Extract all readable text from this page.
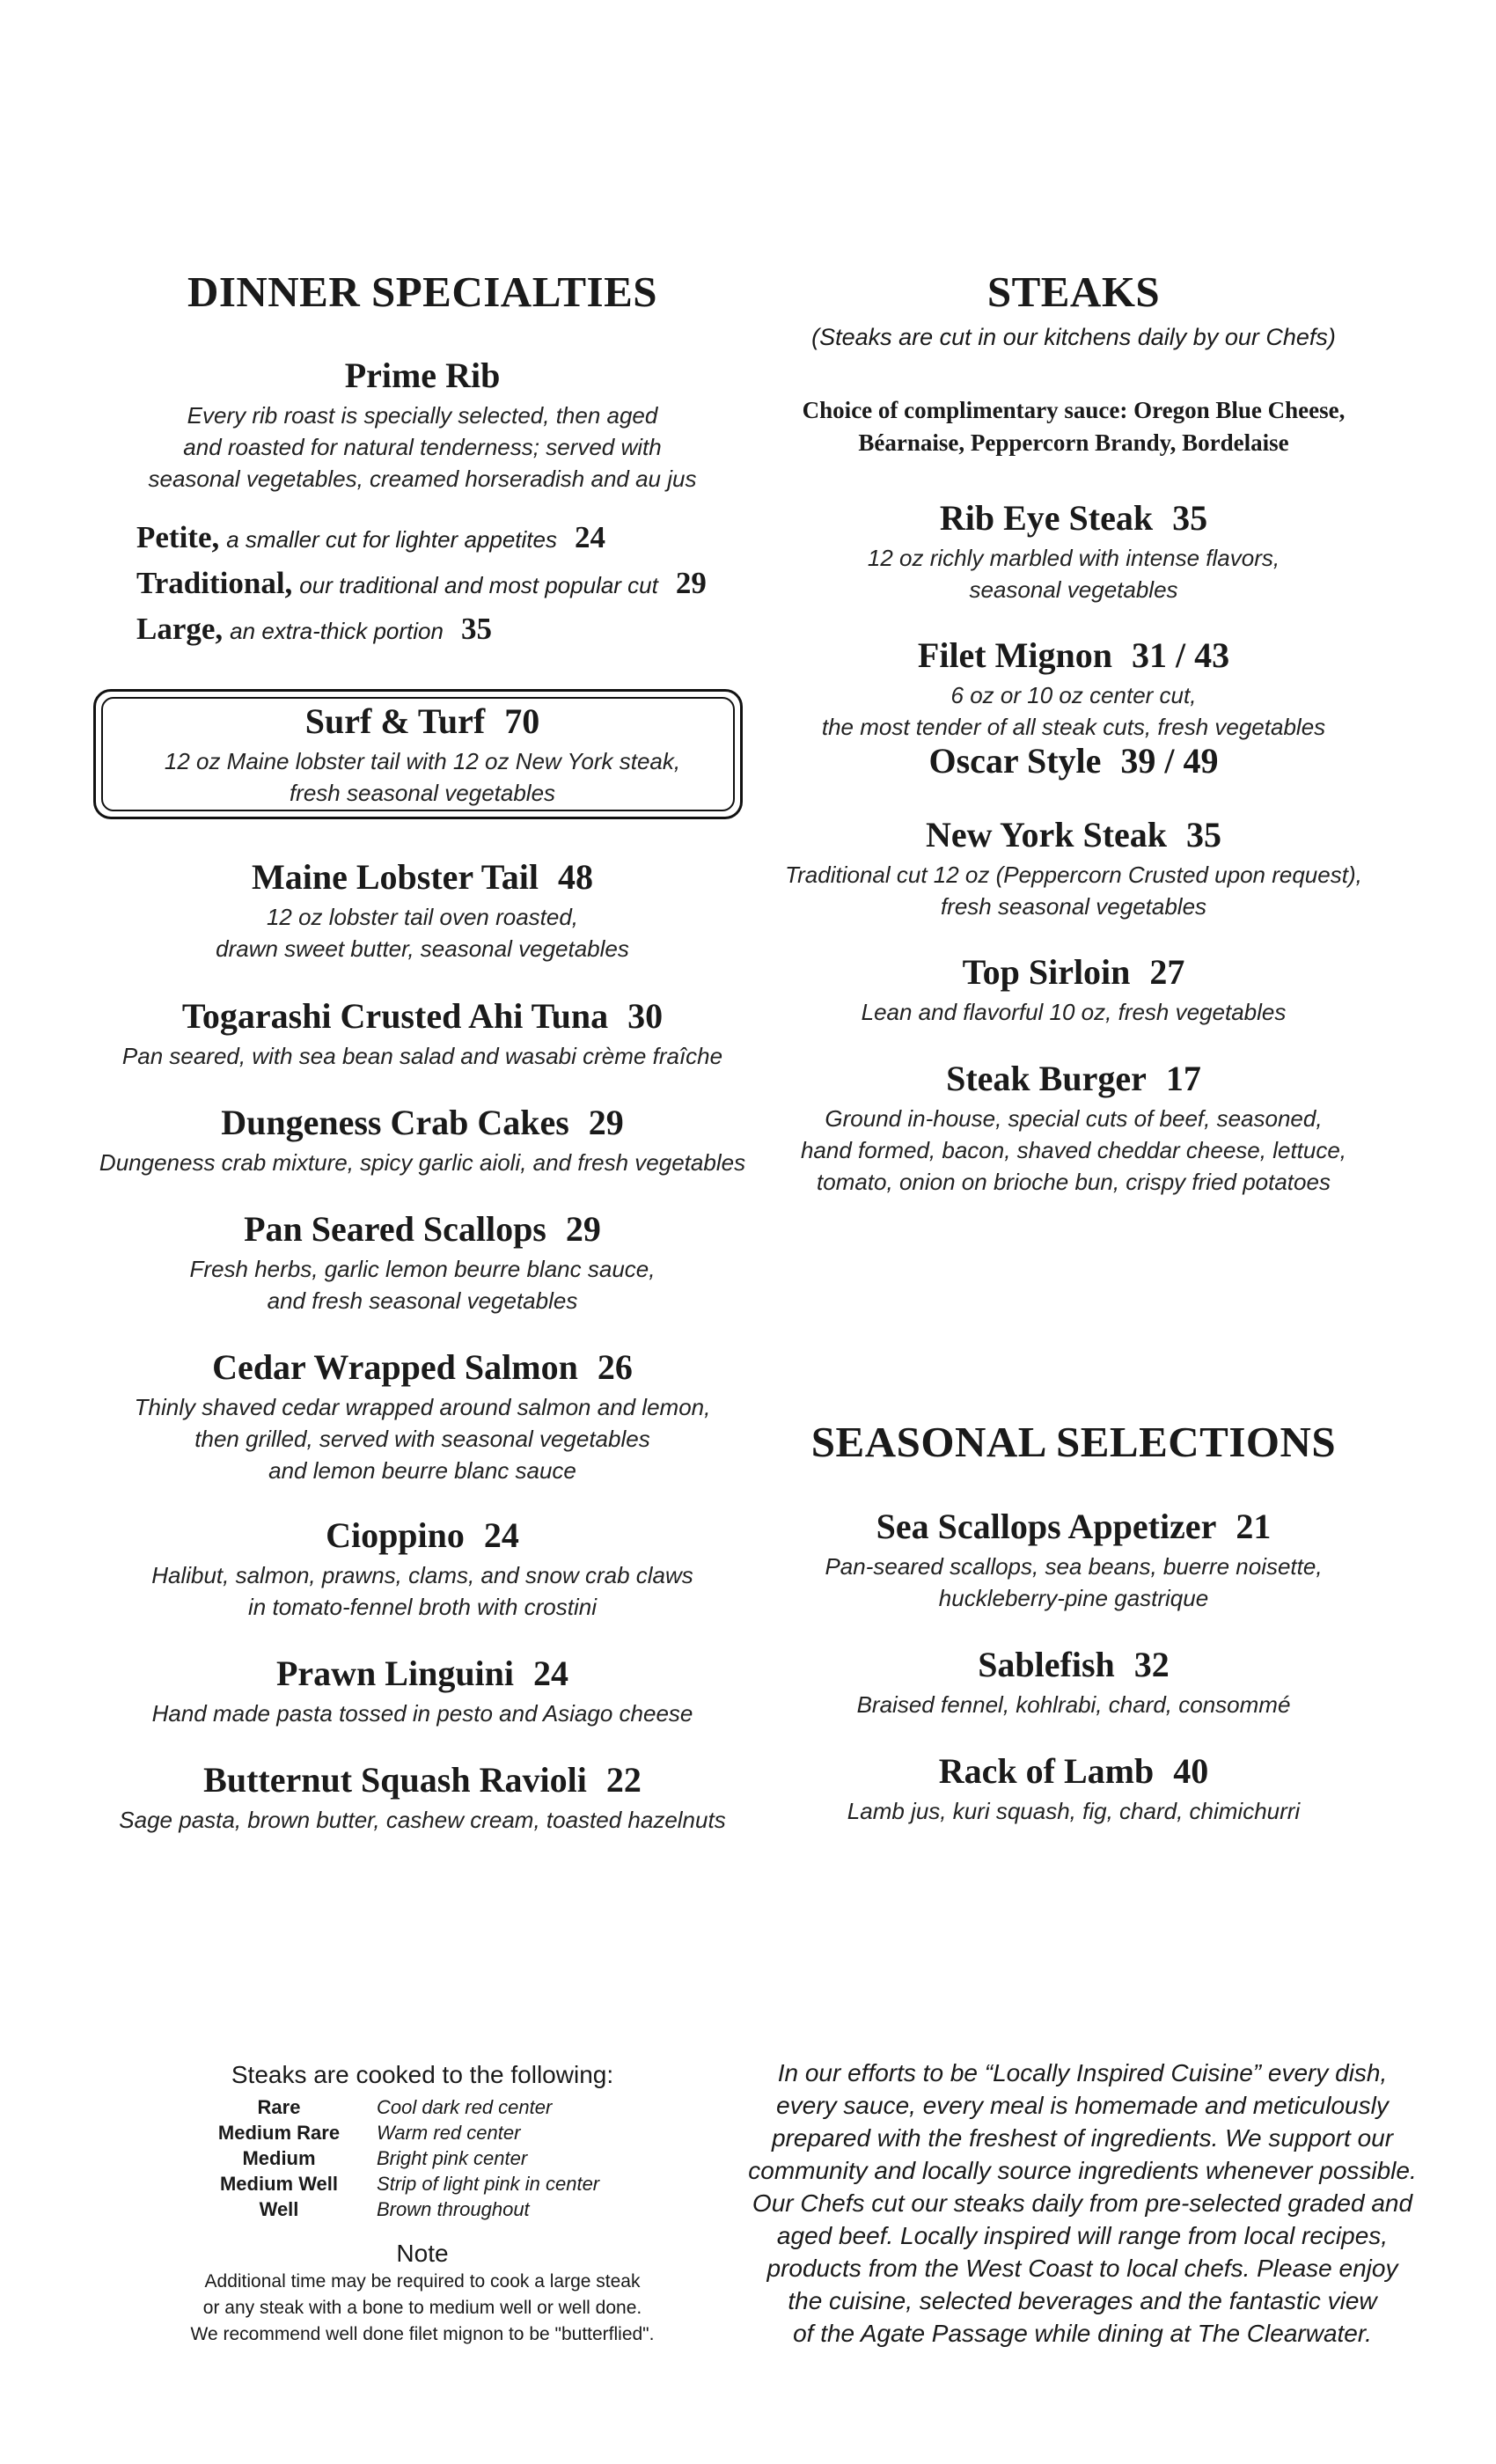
DINNER SPECIALTIES

Prime Rib

Every rib roast is specially selected, then aged

and roasted for natural tenderness; served with

seasonal vegetables, creamed horseradish and au jus

Petite, a smaller cut for lighter appetites 24
Traditional, our traditional and most popular cut 29
Large, an extra-thick portion 35

Surf & Turf 70

12 oz Maine lobster tail with 12 oz New York steak,

fresh seasonal vegetables

Maine Lobster Tail 48

12 oz lobster tail oven roasted,

drawn sweet butter, seasonal vegetables

Togarashi Crusted Ahi Tuna 30

Pan seared, with sea bean salad and wasabi crème fraîche

Dungeness Crab Cakes 29

Dungeness crab mixture, spicy garlic aioli, and fresh vegetables

Pan Seared Scallops 29

Fresh herbs, garlic lemon beurre blanc sauce,

and fresh seasonal vegetables

Cedar Wrapped Salmon 26

Thinly shaved cedar wrapped around salmon and lemon,

then grilled, served with seasonal vegetables

and lemon beurre blanc sauce

Cioppino 24

Halibut, salmon, prawns, clams, and snow crab claws

in tomato-fennel broth with crostini

Prawn Linguini 24

Hand made pasta tossed in pesto and Asiago cheese

Butternut Squash Ravioli 22

Sage pasta, brown butter, cashew cream, toasted hazelnuts

STEAKS

(Steaks are cut in our kitchens daily by our Chefs)

Choice of complimentary sauce: Oregon Blue Cheese,

Béarnaise, Peppercorn Brandy, Bordelaise

Rib Eye Steak 35

12 oz richly marbled with intense flavors,

seasonal vegetables

Filet Mignon 31 / 43

6 oz or 10 oz center cut,

the most tender of all steak cuts, fresh vegetables

Oscar Style 39 / 49

New York Steak 35

Traditional cut 12 oz (Peppercorn Crusted upon request),

fresh seasonal vegetables

Top Sirloin 27

Lean and flavorful 10 oz, fresh vegetables

Steak Burger 17

Ground in-house, special cuts of beef, seasoned,

hand formed, bacon, shaved cheddar cheese, lettuce,

tomato, onion on brioche bun, crispy fried potatoes

SEASONAL SELECTIONS

Sea Scallops Appetizer 21

Pan-seared scallops, sea beans, buerre noisette,

huckleberry-pine gastrique

Sablefish 32

Braised fennel, kohlrabi, chard, consommé

Rack of Lamb 40

Lamb jus, kuri squash, fig, chard, chimichurri

Steaks are cooked to the following:

Rare	Cool dark red center
Medium Rare	Warm red center
Medium	Bright pink center
Medium Well	Strip of light pink in center
Well	Brown throughout

Note

Additional time may be required to cook a large steak

or any steak with a bone to medium well or well done.

We recommend well done filet mignon to be "butterflied".

In our efforts to be “Locally Inspired Cuisine” every dish,
every sauce, every meal is homemade and meticulously
prepared with the freshest of ingredients. We support our
community and locally source ingredients whenever possible.
Our Chefs cut our steaks daily from pre-selected graded and
aged beef. Locally inspired will range from local recipes,
products from the West Coast to local chefs. Please enjoy
the cuisine, selected beverages and the fantastic view
of the Agate Passage while dining at The Clearwater.
